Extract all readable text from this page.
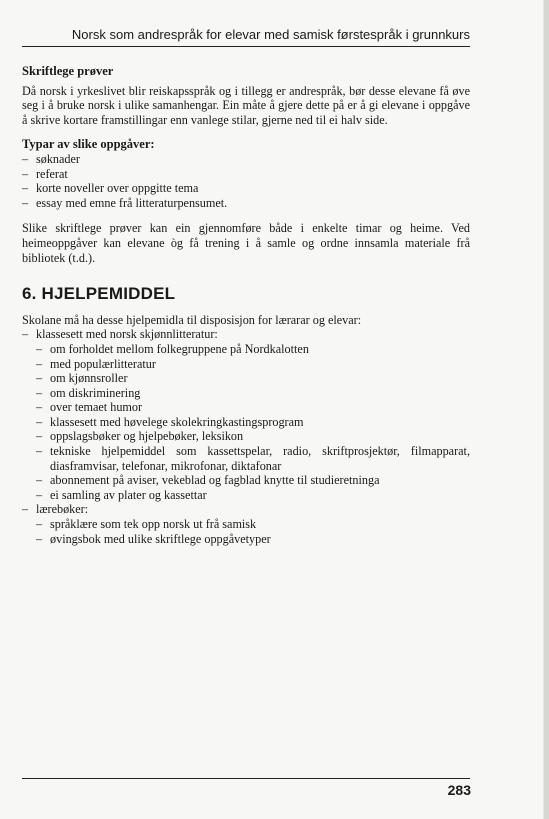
Norsk som andrespråk for elevar med samisk førstespråk i grunnkurs
Skriftlege prøver

Då norsk i yrkeslivet blir reiskapsspråk og i tillegg er andrespråk, bør desse elevane få øve seg i å bruke norsk i ulike samanhengar. Ein måte å gjere dette på er å gi elevane i oppgåve å skrive kortare framstillingar enn vanlege stilar, gjerne ned til ei halv side.

Typar av slike oppgåver:
– søknader
– referat
– korte noveller over oppgitte tema
– essay med emne frå litteraturpensumet.

Slike skriftlege prøver kan ein gjennomføre både i enkelte timar og heime. Ved heimeoppgåver kan elevane òg få trening i å samle og ordne innsamla materiale frå bibliotek (t.d.).

6. HJELPEMIDDEL

Skolane må ha desse hjelpemidla til disposisjon for lærarar og elevar:

– klassesett med norsk skjønnlitteratur:
– om forholdet mellom folkegruppene på Nordkalotten
– med populærlitteratur
– om kjønnsroller
– om diskriminering
– over temaet humor
– klassesett med høvelege skolekringkastingsprogram
– oppslagsbøker og hjelpebøker, leksikon
– tekniske hjelpemiddel som kassettspelar, radio, skriftprosjektør, filmapparat, diasframvisar, telefonar, mikrofonar, diktafonar
– abonnement på aviser, vekeblad og fagblad knytte til studieretninga
– ei samling av plater og kassettar
– lærebøker:
– språklære som tek opp norsk ut frå samisk
– øvingsbok med ulike skriftlege oppgåvetyper
283
